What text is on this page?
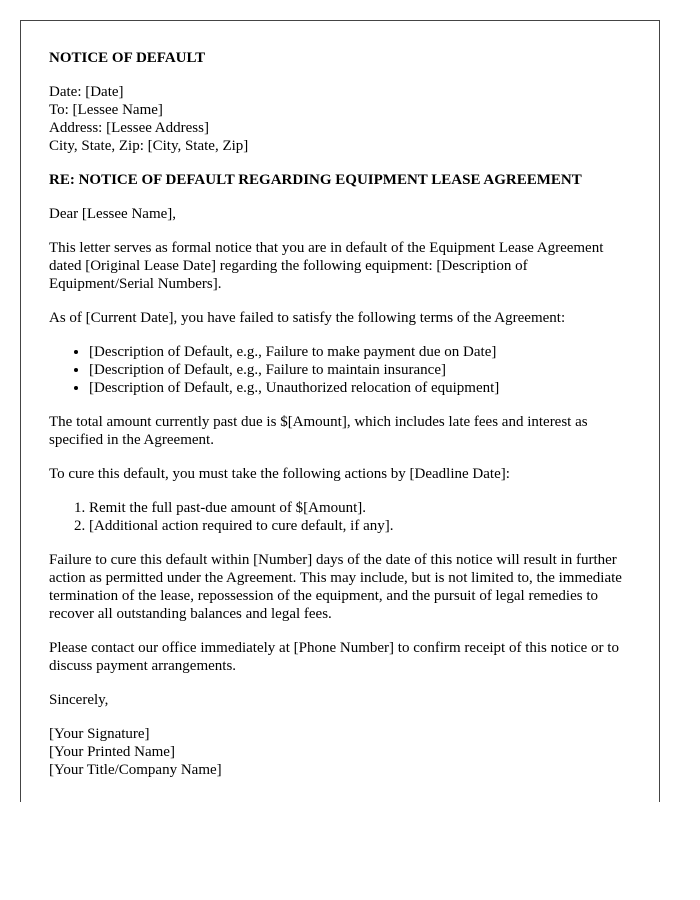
NOTICE OF DEFAULT
Date: [Date]
To: [Lessee Name]
Address: [Lessee Address]
City, State, Zip: [City, State, Zip]
RE: NOTICE OF DEFAULT REGARDING EQUIPMENT LEASE AGREEMENT

Dear [Lessee Name],

This letter serves as formal notice that you are in default of the Equipment Lease Agreement dated [Original Lease Date] regarding the following equipment: [Description of Equipment/Serial Numbers].

As of [Current Date], you have failed to satisfy the following terms of the Agreement:

• [Description of Default, e.g., Failure to make payment due on Date]
• [Description of Default, e.g., Failure to maintain insurance]
• [Description of Default, e.g., Unauthorized relocation of equipment]

The total amount currently past due is $[Amount], which includes late fees and interest as specified in the Agreement.

To cure this default, you must take the following actions by [Deadline Date]:

1. Remit the full past-due amount of $[Amount].
2. [Additional action required to cure default, if any].

Failure to cure this default within [Number] days of the date of this notice will result in further action as permitted under the Agreement. This may include, but is not limited to, the immediate termination of the lease, repossession of the equipment, and the pursuit of legal remedies to recover all outstanding balances and legal fees.

Please contact our office immediately at [Phone Number] to confirm receipt of this notice or to discuss payment arrangements.

Sincerely,

[Your Signature]
[Your Printed Name]
[Your Title/Company Name]
